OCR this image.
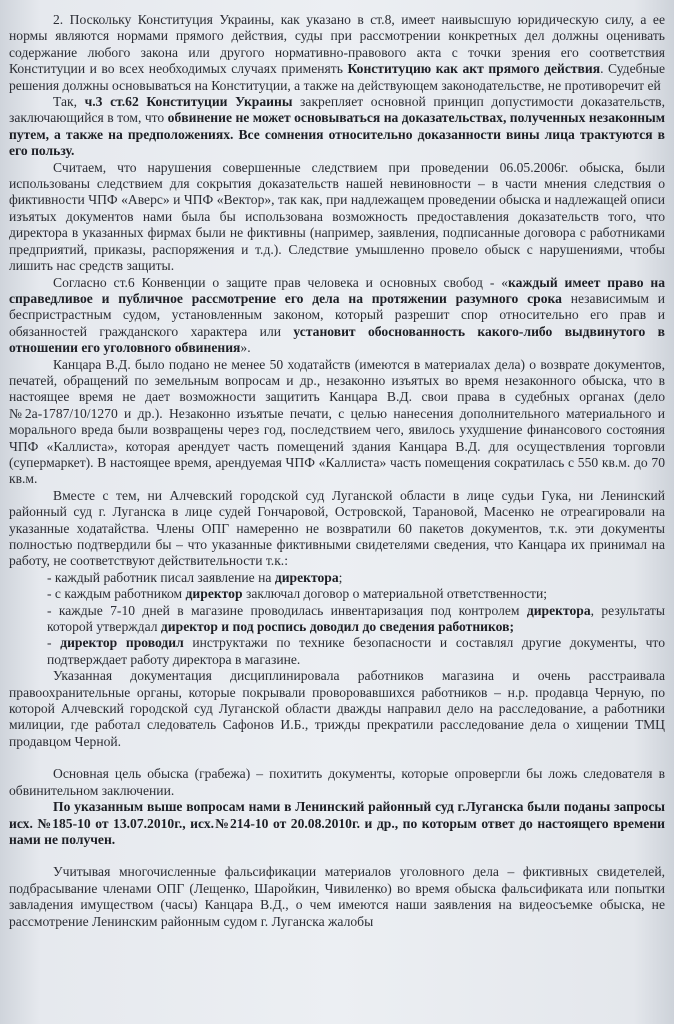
2. Поскольку Конституция Украины, как указано в ст.8, имеет наивысшую юридическую силу, а ее нормы являются нормами прямого действия, суды при рассмотрении конкретных дел должны оценивать содержание любого закона или другого нормативно-правового акта с точки зрения его соответствия Конституции и во всех необходимых случаях применять Конституцию как акт прямого действия. Судебные решения должны основываться на Конституции, а также на действующем законодательстве, не противоречит ей

Так, ч.3 ст.62 Конституции Украины закрепляет основной принцип допустимости доказательств, заключающийся в том, что обвинение не может основываться на доказательствах, полученных незаконным путем, а также на предположениях. Все сомнения относительно доказанности вины лица трактуются в его пользу.

Считаем, что нарушения совершенные следствием при проведении 06.05.2006г. обыска, были использованы следствием для сокрытия доказательств нашей невиновности – в части мнения следствия о фиктивности ЧПФ «Аверс» и ЧПФ «Вектор», так как, при надлежащем проведении обыска и надлежащей описи изъятых документов нами была бы использована возможность предоставления доказательств того, что директора в указанных фирмах были не фиктивны (например, заявления, подписанные договора с работниками предприятий, приказы, распоряжения и т.д.). Следствие умышленно провело обыск с нарушениями, чтобы лишить нас средств защиты.

Согласно ст.6 Конвенции о защите прав человека и основных свобод - «каждый имеет право на справедливое и публичное рассмотрение его дела на протяжении разумного срока независимым и беспристрастным судом, установленным законом, который разрешит спор относительно его прав и обязанностей гражданского характера или установит обоснованность какого-либо выдвинутого в отношении его уголовного обвинения».

Канцара В.Д. было подано не менее 50 ходатайств (имеются в материалах дела) о возврате документов, печатей, обращений по земельным вопросам и др., незаконно изъятых во время незаконного обыска, что в настоящее время не дает возможности защитить Канцара В.Д. свои права в судебных органах (дело №2а-1787/10/1270 и др.). Незаконно изъятые печати, с целью нанесения дополнительного материального и морального вреда были возвращены через год, последствием чего, явилось ухудшение финансового состояния ЧПФ «Каллиста», которая арендует часть помещений здания Канцара В.Д. для осуществления торговли (супермаркет). В настоящее время, арендуемая ЧПФ «Каллиста» часть помещения сократилась с 550 кв.м. до 70 кв.м.

Вместе с тем, ни Алчевский городской суд Луганской области в лице судьи Гука, ни Ленинский районный суд г. Луганска в лице судей Гончаровой, Островской, Тарановой, Масенко не отреагировали на указанные ходатайства. Члены ОПГ намеренно не возвратили 60 пакетов документов, т.к. эти документы полностью подтвердили бы – что указанные фиктивными свидетелями сведения, что Канцара их принимал на работу, не соответствуют действительности т.к.:

- каждый работник писал заявление на директора;

- с каждым работником директор заключал договор о материальной ответственности;

- каждые 7-10 дней в магазине проводилась инвентаризация под контролем директора, результаты которой утверждал директор и под роспись доводил до сведения работников;

- директор проводил инструктажи по технике безопасности и составлял другие документы, что подтверждает работу директора в магазине.

Указанная документация дисциплинировала работников магазина и очень расстраивала правоохранительные органы, которые покрывали проворовавшихся работников – н.р. продавца Черную, по которой Алчевский городской суд Луганской области дважды направил дело на расследование, а работники милиции, где работал следователь Сафонов И.Б., трижды прекратили расследование дела о хищении ТМЦ продавцом Черной.

Основная цель обыска (грабежа) – похитить документы, которые опровергли бы ложь следователя в обвинительном заключении.

По указанным выше вопросам нами в Ленинский районный суд г.Луганска были поданы запросы исх. №185-10 от 13.07.2010г., исх.№214-10 от 20.08.2010г. и др., по которым ответ до настоящего времени нами не получен.

Учитывая многочисленные фальсификации материалов уголовного дела – фиктивных свидетелей, подбрасывание членами ОПГ (Лещенко, Шаройкин, Чивиленко) во время обыска фальсификата или попытки завладения имуществом (часы) Канцара В.Д., о чем имеются наши заявления на видеосъемке обыска, не рассмотрение Ленинским районным судом г. Луганска жалобы
